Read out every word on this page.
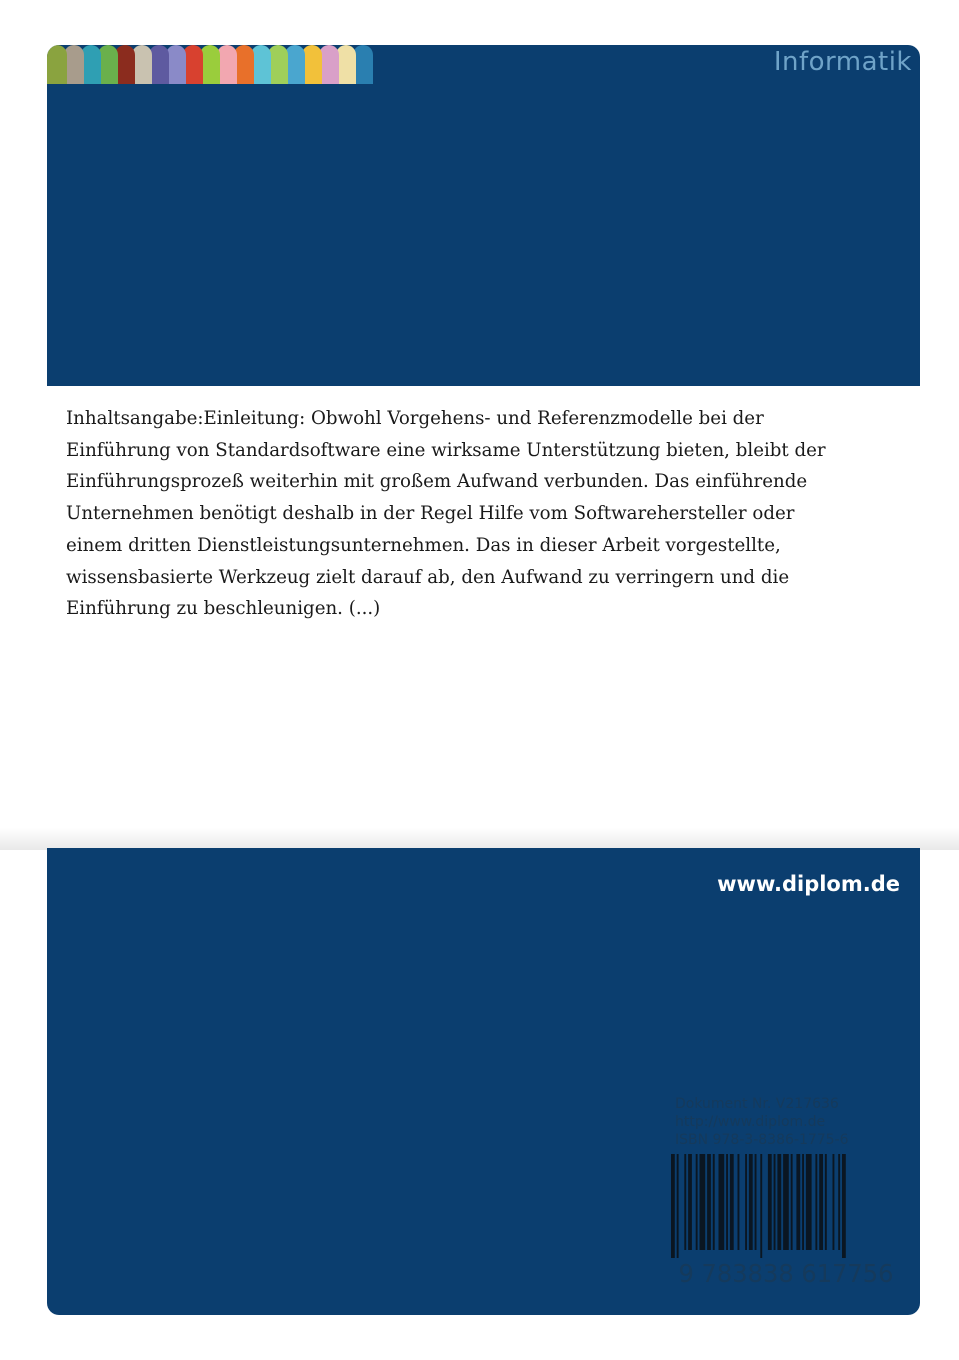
Informatik

Inhaltsangabe:Einleitung: Obwohl Vorgehens- und Referenzmodelle bei der Einführung von Standardsoftware eine wirksame Unterstützung bieten, bleibt der Einführungsprozeß weiterhin mit großem Aufwand verbunden. Das einführende Unternehmen benötigt deshalb in der Regel Hilfe vom Softwarehersteller oder einem dritten Dienstleistungsunternehmen. Das in dieser Arbeit vorgestellte, wissensbasierte Werkzeug zielt darauf ab, den Aufwand zu verringern und die Einführung zu beschleunigen. (...)

www.diplom.de
Dokument Nr. V217636
http://www.diplom.de
ISBN 978-3-8386-1775-6
9 783838 617756
